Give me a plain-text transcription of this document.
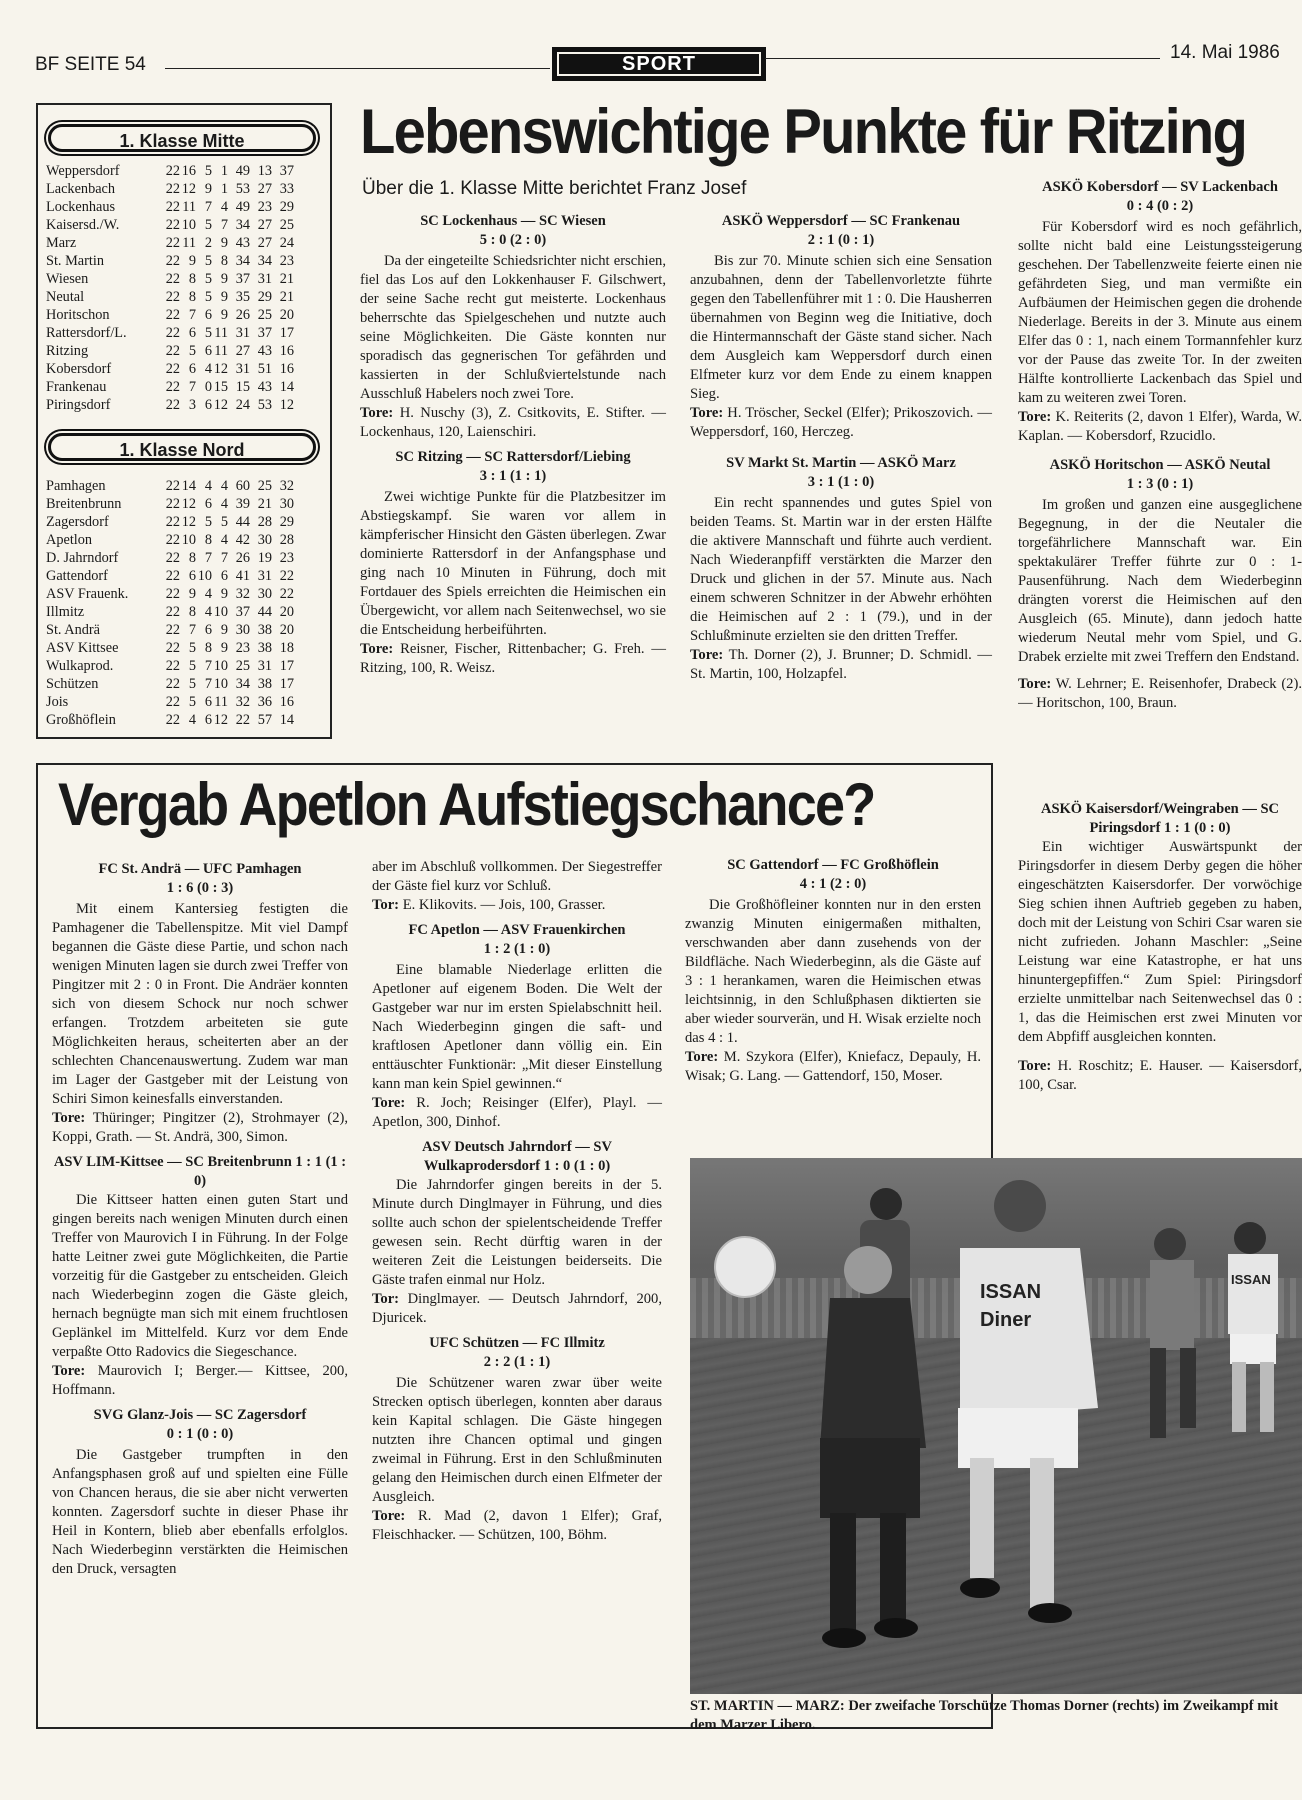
BF SEITE 54	SPORT
14. Mai 1986
1. Klasse Mitte
Weppersdorf	22 16 5 1 49 13 37
Lackenbach	22 12 9 1 53 27 33
Lockenhaus	22 11 7 4 49 23 29
Kaisersd./W.	22 10 5 7 34 27 25
Marz	22 11 2 9 43 27 24
St. Martin	22 9 5 8 34 34 23
Wiesen	22 8 5 9 37 31 21
Neutal	22 8 5 9 35 29 21
Horitschon	22 7 6 9 26 25 20
Rattersdorf/L.	22 6 5 11 31 37 17
Ritzing	22 5 6 11 27 43 16
Kobersdorf	22 6 4 12 31 51 16
Frankenau	22 7 0 15 15 43 14
Piringsdorf	22 3 6 12 24 53 12
1. Klasse Nord
Pamhagen	22 14 4 4 60 25 32
Breitenbrunn	22 12 6 4 39 21 30
Zagersdorf	22 12 5 5 44 28 29
Apetlon	22 10 8 4 42 30 28
D. Jahrndorf	22 8 7 7 26 19 23
Gattendorf	22 6 10 6 41 31 22
ASV Frauenk.	22 9 4 9 32 30 22
Illmitz	22 8 4 10 37 44 20
St. Andrä	22 7 6 9 30 38 20
ASV Kittsee	22 5 8 9 23 38 18
Wulkaprod.	22 5 7 10 25 31 17
Schützen	22 5 7 10 34 38 17
Jois	22 5 6 11 32 36 16
Großhöflein	22 4 6 12 22 57 14
Lebenswichtige Punkte für Ritzing
Über die 1. Klasse Mitte berichtet Franz Josef
SC Lockenhaus — SC Wiesen
5 : 0 (2 : 0)

Da der eingeteilte Schiedsrichter nicht erschien, fiel das Los auf den Lokkenhauser F. Gilschwert, der seine Sache recht gut meisterte. Lockenhaus beherrschte das Spielgeschehen und nutzte auch seine Möglichkeiten. Die Gäste konnten nur sporadisch das gegnerischen Tor gefährden und kassierten in der Schlußviertelstunde nach Ausschluß Habelers noch zwei Tore.

Tore: H. Nuschy (3), Z. Csitkovits, E. Stifter. — Lockenhaus, 120, Laienschiri.

SC Ritzing — SC Rattersdorf/Liebing
3 : 1 (1 : 1)

Zwei wichtige Punkte für die Platzbesitzer im Abstiegskampf. Sie waren vor allem in kämpferischer Hinsicht den Gästen überlegen. Zwar dominierte Rattersdorf in der Anfangsphase und ging nach 10 Minuten in Führung, doch mit Fortdauer des Spiels erreichten die Heimischen ein Übergewicht, vor allem nach Seitenwechsel, wo sie die Entscheidung herbeiführten.

Tore: Reisner, Fischer, Rittenbacher; G. Freh. — Ritzing, 100, R. Weisz.

ASKÖ Weppersdorf — SC Frankenau
2 : 1 (0 : 1)

Bis zur 70. Minute schien sich eine Sensation anzubahnen, denn der Tabellenvorletzte führte gegen den Tabellenführer mit 1 : 0. Die Hausherren übernahmen von Beginn weg die Initiative, doch die Hintermannschaft der Gäste stand sicher. Nach dem Ausgleich kam Weppersdorf durch einen Elfmeter kurz vor dem Ende zu einem knappen Sieg.

Tore: H. Tröscher, Seckel (Elfer); Prikoszovich. — Weppersdorf, 160, Herczeg.

SV Markt St. Martin — ASKÖ Marz
3 : 1 (1 : 0)

Ein recht spannendes und gutes Spiel von beiden Teams. St. Martin war in der ersten Hälfte die aktivere Mannschaft und führte auch verdient. Nach Wiederanpfiff verstärkten die Marzer den Druck und glichen in der 57. Minute aus. Nach einem schweren Schnitzer in der Abwehr erhöhten die Heimischen auf 2 : 1 (79.), und in der Schlußminute erzielten sie den dritten Treffer.

Tore: Th. Dorner (2), J. Brunner; D. Schmidl. — St. Martin, 100, Holzapfel.

ASKÖ Kobersdorf — SV Lackenbach
0 : 4 (0 : 2)

Für Kobersdorf wird es noch gefährlich, sollte nicht bald eine Leistungssteigerung geschehen. Der Tabellenzweite feierte einen nie gefährdeten Sieg, und man vermißte ein Aufbäumen der Heimischen gegen die drohende Niederlage. Bereits in der 3. Minute aus einem Elfer das 0 : 1, nach einem Tormannfehler kurz vor der Pause das zweite Tor. In der zweiten Hälfte kontrollierte Lackenbach das Spiel und kam zu weiteren zwei Toren.

Tore: K. Reiterits (2, davon 1 Elfer), Warda, W. Kaplan. — Kobersdorf, Rzucidlo.

ASKÖ Horitschon — ASKÖ Neutal
1 : 3 (0 : 1)

Im großen und ganzen eine ausgeglichene Begegnung, in der die Neutaler die torgefährlichere Mannschaft war. Ein spektakulärer Treffer führte zur 0 : 1-Pausenführung. Nach dem Wiederbeginn drängten vorerst die Heimischen auf den Ausgleich (65. Minute), dann jedoch hatte wiederum Neutal mehr vom Spiel, und G. Drabek erzielte mit zwei Treffern den Endstand.

Tore: W. Lehrner; E. Reisenhofer, Drabeck (2). — Horitschon, 100, Braun.

Vergab Apetlon Aufstiegschance?
FC St. Andrä — UFC Pamhagen
1 : 6 (0 : 3)

Mit einem Kantersieg festigten die Pamhagener die Tabellenspitze. Mit viel Dampf begannen die Gäste diese Partie, und schon nach wenigen Minuten lagen sie durch zwei Treffer von Pingitzer mit 2 : 0 in Front. Die Andräer konnten sich von diesem Schock nur noch schwer erfangen. Trotzdem arbeiteten sie gute Möglichkeiten heraus, scheiterten aber an der schlechten Chancenauswertung. Zudem war man im Lager der Gastgeber mit der Leistung von Schiri Simon keinesfalls einverstanden.

Tore: Thüringer; Pingitzer (2), Strohmayer (2), Koppi, Grath. — St. Andrä, 300, Simon.

ASV LIM-Kittsee — SC Breitenbrunn 1 : 1 (1 : 0)

Die Kittseer hatten einen guten Start und gingen bereits nach wenigen Minuten durch einen Treffer von Maurovich I in Führung. In der Folge hatte Leitner zwei gute Möglichkeiten, die Partie vorzeitig für die Gastgeber zu entscheiden. Gleich nach Wiederbeginn zogen die Gäste gleich, hernach begnügte man sich mit einem fruchtlosen Geplänkel im Mittelfeld. Kurz vor dem Ende verpaßte Otto Radovics die Siegeschance.

Tore: Maurovich I; Berger.— Kittsee, 200, Hoffmann.

SVG Glanz-Jois — SC Zagersdorf
0 : 1 (0 : 0)

Die Gastgeber trumpften in den Anfangsphasen groß auf und spielten eine Fülle von Chancen heraus, die sie aber nicht verwerten konnten. Zagersdorf suchte in dieser Phase ihr Heil in Kontern, blieb aber ebenfalls erfolglos. Nach Wiederbeginn verstärkten die Heimischen den Druck, versagten

aber im Abschluß vollkommen. Der Siegestreffer der Gäste fiel kurz vor Schluß.

Tor: E. Klikovits. — Jois, 100, Grasser.

FC Apetlon — ASV Frauenkirchen
1 : 2 (1 : 0)

Eine blamable Niederlage erlitten die Apetloner auf eigenem Boden. Die Welt der Gastgeber war nur im ersten Spielabschnitt heil. Nach Wiederbeginn gingen die saft- und kraftlosen Apetloner dann völlig ein. Ein enttäuschter Funktionär: „Mit dieser Einstellung kann man kein Spiel gewinnen.“

Tore: R. Joch; Reisinger (Elfer), Playl. — Apetlon, 300, Dinhof.

ASV Deutsch Jahrndorf — SV Wulkaprodersdorf 1 : 0 (1 : 0)

Die Jahrndorfer gingen bereits in der 5. Minute durch Dinglmayer in Führung, und dies sollte auch schon der spielentscheidende Treffer gewesen sein. Recht dürftig waren in der weiteren Zeit die Leistungen beiderseits. Die Gäste trafen einmal nur Holz.

Tor: Dinglmayer. — Deutsch Jahrndorf, 200, Djuricek.

UFC Schützen — FC Illmitz
2 : 2 (1 : 1)

Die Schützener waren zwar über weite Strecken optisch überlegen, konnten aber daraus kein Kapital schlagen. Die Gäste hingegen nutzten ihre Chancen optimal und gingen zweimal in Führung. Erst in den Schlußminuten gelang den Heimischen durch einen Elfmeter der Ausgleich.

Tore: R. Mad (2, davon 1 Elfer); Graf, Fleischhacker. — Schützen, 100, Böhm.

SC Gattendorf — FC Großhöflein
4 : 1 (2 : 0)

Die Großhöfleiner konnten nur in den ersten zwanzig Minuten einigermaßen mithalten, verschwanden aber dann zusehends von der Bildfläche. Nach Wiederbeginn, als die Gäste auf 3 : 1 herankamen, waren die Heimischen etwas leichtsinnig, in den Schlußphasen diktierten sie aber wieder sourverän, und H. Wisak erzielte noch das 4 : 1.

Tore: M. Szykora (Elfer), Kniefacz, Depauly, H. Wisak; G. Lang. — Gattendorf, 150, Moser.

ASKÖ Kaisersdorf/Weingraben — SC Piringsdorf 1 : 1 (0 : 0)

Ein wichtiger Auswärtspunkt der Piringsdorfer in diesem Derby gegen die höher eingeschätzten Kaisersdorfer. Der vorwöchige Sieg schien ihnen Auftrieb gegeben zu haben, doch mit der Leistung von Schiri Csar waren sie nicht zufrieden. Johann Maschler: „Seine Leistung war eine Katastrophe, er hat uns hinuntergepfiffen.“ Zum Spiel: Piringsdorf erzielte unmittelbar nach Seitenwechsel das 0 : 1, das die Heimischen erst zwei Minuten vor dem Abpfiff ausgleichen konnten.

Tore: H. Roschitz; E. Hauser. — Kaisersdorf, 100, Csar.

ISSAN
Diner
ISSAN
ST. MARTIN — MARZ: Der zweifache Torschütze Thomas Dorner (rechts) im Zweikampf mit dem Marzer Libero.
